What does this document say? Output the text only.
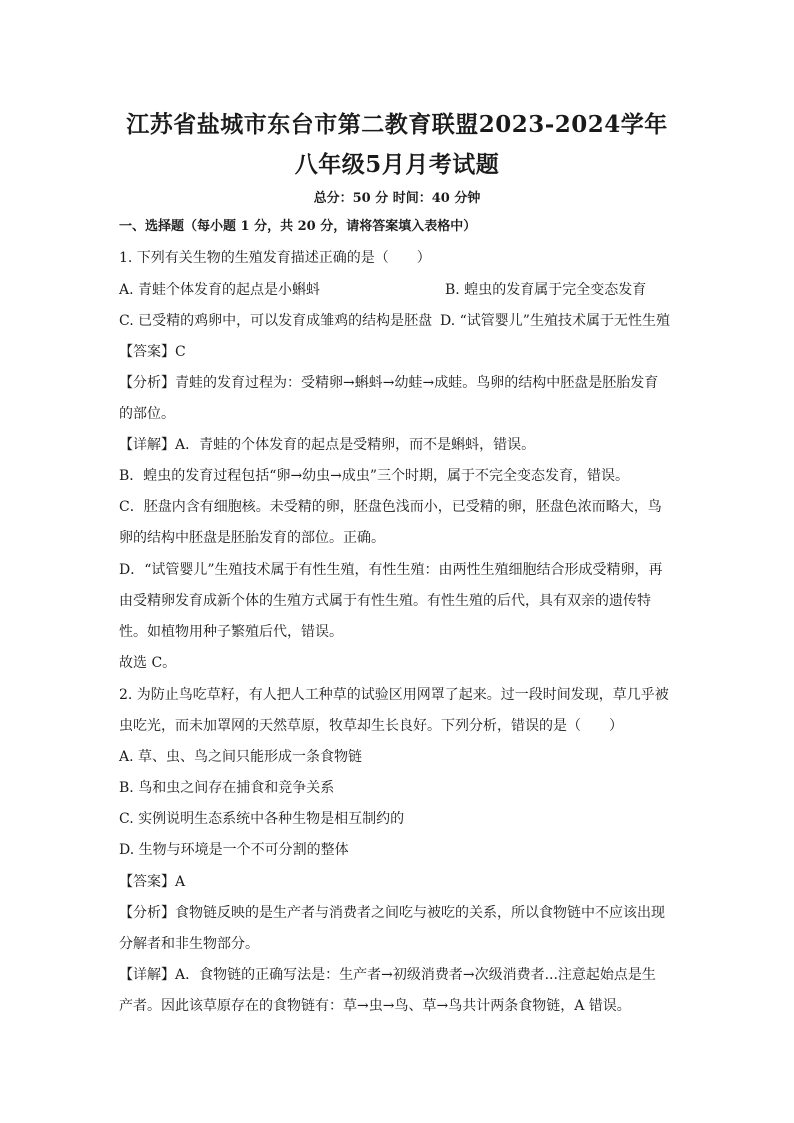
江苏省盐城市东台市第二教育联盟2023-2024学年
八年级5月月考试题
总分：50 分 时间：40 分钟
一、选择题（每小题 1 分，共 20 分，请将答案填入表格中）
1. 下列有关生物的生殖发育描述正确的是（　　）
A. 青蛙个体发育的起点是小蝌蚪	B. 蝗虫的发育属于完全变态发育
C. 已受精的鸡卵中，可以发育成雏鸡的结构是胚盘 D. “试管婴儿”生殖技术属于无性生殖
【答案】C
【分析】青蛙的发育过程为：受精卵→蝌蚪→幼蛙→成蛙。鸟卵的结构中胚盘是胚胎发育
的部位。
【详解】A．青蛙的个体发育的起点是受精卵，而不是蝌蚪，错误。
B．蝗虫的发育过程包括“卵→幼虫→成虫”三个时期，属于不完全变态发育，错误。
C．胚盘内含有细胞核。未受精的卵，胚盘色浅而小，已受精的卵，胚盘色浓而略大，鸟
卵的结构中胚盘是胚胎发育的部位。正确。
D．“试管婴儿”生殖技术属于有性生殖，有性生殖：由两性生殖细胞结合形成受精卵，再
由受精卵发育成新个体的生殖方式属于有性生殖。有性生殖的后代，具有双亲的遗传特
性。如植物用种子繁殖后代，错误。
故选 C。
2. 为防止鸟吃草籽，有人把人工种草的试验区用网罩了起来。过一段时间发现，草几乎被
虫吃光，而未加罩网的天然草原，牧草却生长良好。下列分析，错误的是（　　）
A. 草、虫、鸟之间只能形成一条食物链
B. 鸟和虫之间存在捕食和竞争关系
C. 实例说明生态系统中各种生物是相互制约的
D. 生物与环境是一个不可分割的整体
【答案】A
【分析】食物链反映的是生产者与消费者之间吃与被吃的关系，所以食物链中不应该出现
分解者和非生物部分。
【详解】A．食物链的正确写法是：生产者→初级消费者→次级消费者...注意起始点是生
产者。因此该草原存在的食物链有：草→虫→鸟、草→鸟共计两条食物链，A 错误。
